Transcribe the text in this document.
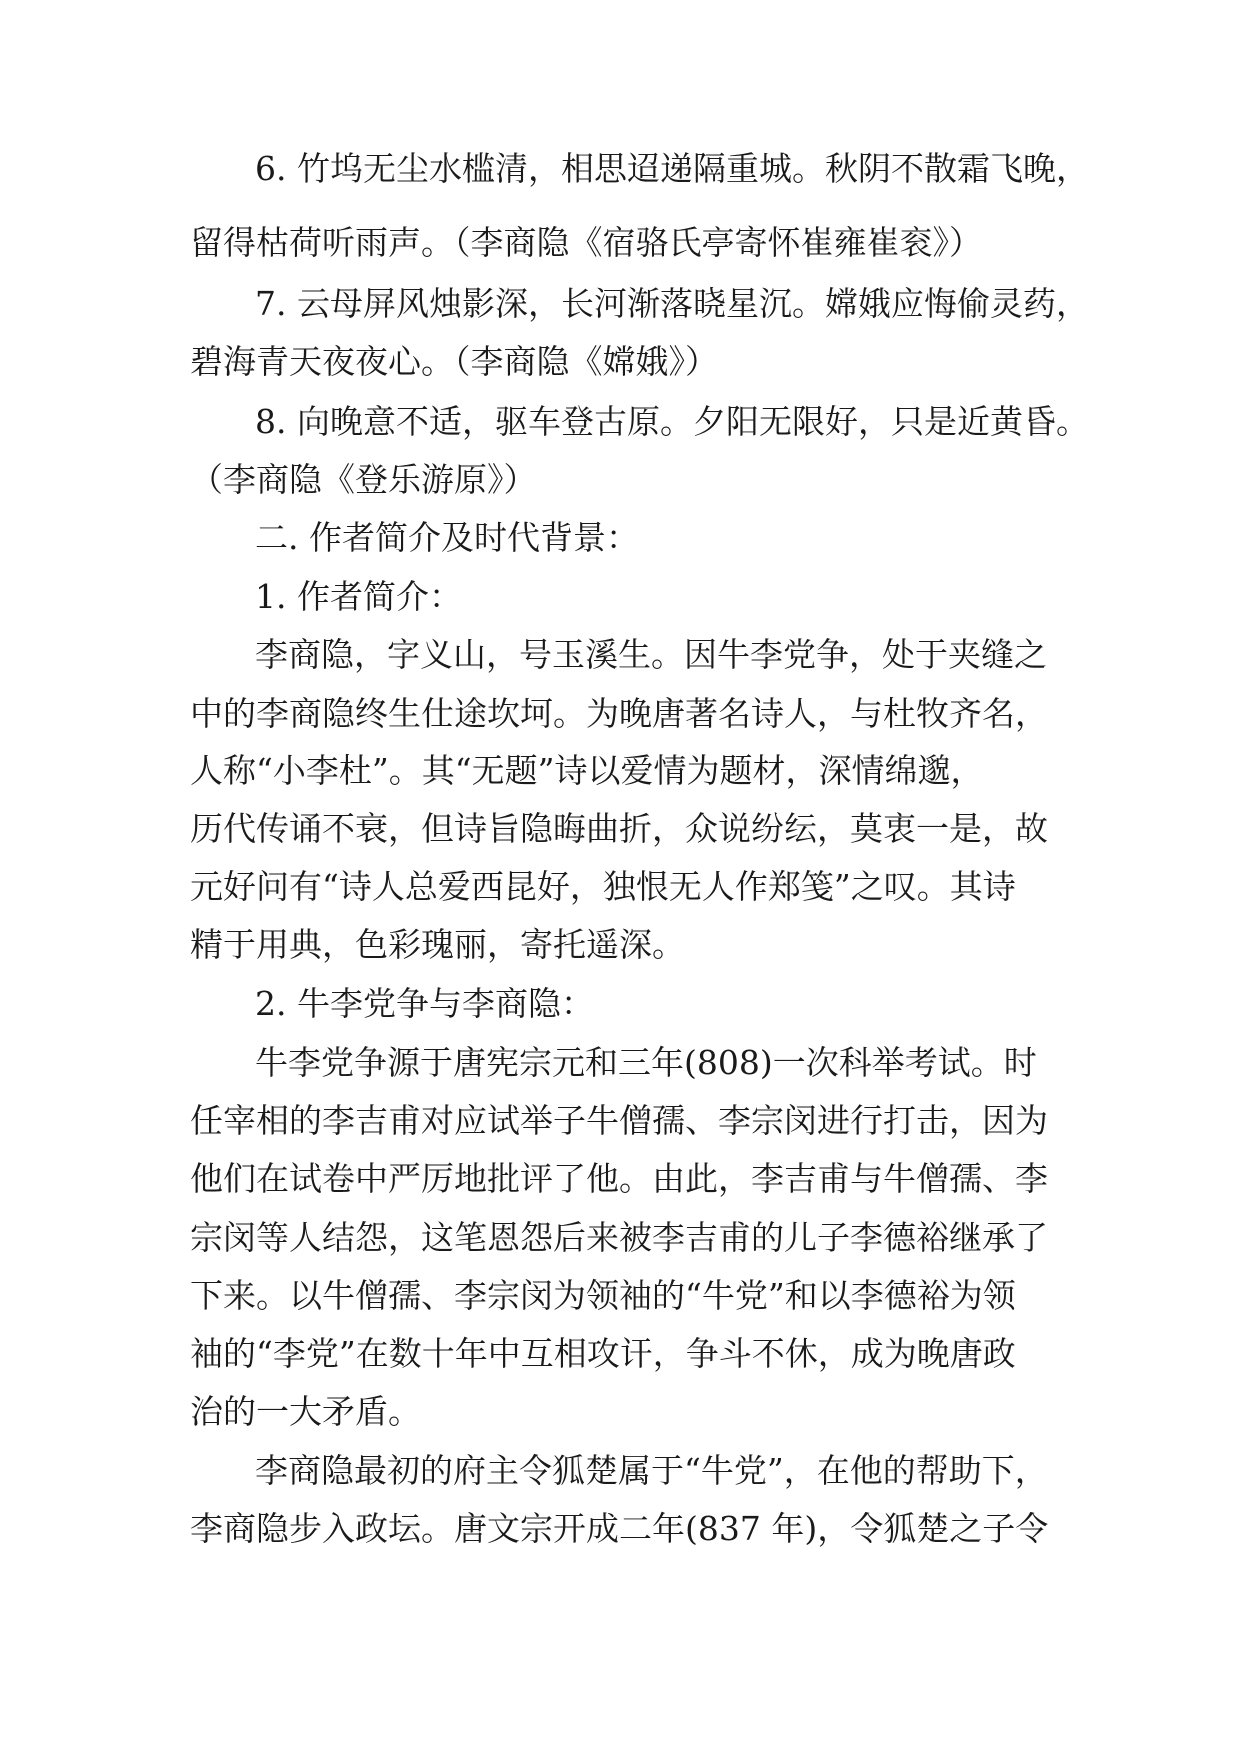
6. 竹坞无尘水槛清，相思迢递隔重城。秋阴不散霜飞晚，
留得枯荷听雨声。（李商隐《宿骆氏亭寄怀崔雍崔衮》）
7. 云母屏风烛影深，长河渐落晓星沉。嫦娥应悔偷灵药，
碧海青天夜夜心。（李商隐《嫦娥》）
8. 向晚意不适，驱车登古原。夕阳无限好，只是近黄昏。
（李商隐《登乐游原》）
二. 作者简介及时代背景：
1. 作者简介：
李商隐，字义山，号玉溪生。因牛李党争，处于夹缝之
中的李商隐终生仕途坎坷。为晚唐著名诗人，与杜牧齐名，
人称“小李杜”。其“无题”诗以爱情为题材，深情绵邈，
历代传诵不衰，但诗旨隐晦曲折，众说纷纭，莫衷一是，故
元好问有“诗人总爱西昆好，独恨无人作郑笺”之叹。其诗
精于用典，色彩瑰丽，寄托遥深。
2. 牛李党争与李商隐：
牛李党争源于唐宪宗元和三年(808)一次科举考试。时
任宰相的李吉甫对应试举子牛僧孺、李宗闵进行打击，因为
他们在试卷中严厉地批评了他。由此，李吉甫与牛僧孺、李
宗闵等人结怨，这笔恩怨后来被李吉甫的儿子李德裕继承了
下来。以牛僧孺、李宗闵为领袖的“牛党”和以李德裕为领
袖的“李党”在数十年中互相攻讦，争斗不休，成为晚唐政
治的一大矛盾。
李商隐最初的府主令狐楚属于“牛党”，在他的帮助下，
李商隐步入政坛。唐文宗开成二年(837 年)，令狐楚之子令
